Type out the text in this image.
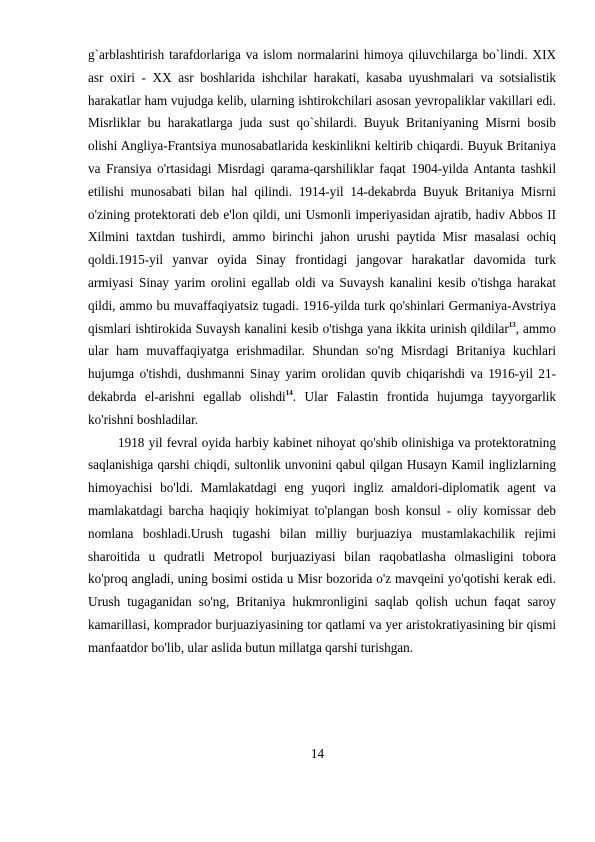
g`arblashtirish tarafdorlariga va islom normalarini himoya qiluvchilarga bo`lindi. XIX asr oxiri - XX asr boshlarida ishchilar harakati, kasaba uyushmalari va sotsialistik harakatlar ham vujudga kelib, ularning ishtirokchilari asosan yevropaliklar vakillari edi. Misrliklar bu harakatlarga juda sust qo`shilardi. Buyuk Britaniyaning Misrni bosib olishi Angliya-Frantsiya munosabatlarida keskinlikni keltirib chiqardi. Buyuk Britaniya va Fransiya o'rtasidagi Misrdagi qarama-qarshiliklar faqat 1904-yilda Antanta tashkil etilishi munosabati bilan hal qilindi. 1914-yil 14-dekabrda Buyuk Britaniya Misrni o'zining protektorati deb e'lon qildi, uni Usmonli imperiyasidan ajratib, hadiv Abbos II Xilmini taxtdan tushirdi, ammo birinchi jahon urushi paytida Misr masalasi ochiq qoldi.1915-yil yanvar oyida Sinay frontidagi jangovar harakatlar davomida turk armiyasi Sinay yarim orolini egallab oldi va Suvaysh kanalini kesib o'tishga harakat qildi, ammo bu muvaffaqiyatsiz tugadi. 1916-yilda turk qo'shinlari Germaniya-Avstriya qismlari ishtirokida Suvaysh kanalini kesib o'tishga yana ikkita urinish qildilar$^{13}$, ammo ular ham muvaffaqiyatga erishmadilar. Shundan so'ng Misrdagi Britaniya kuchlari hujumga o'tishdi, dushmanni Sinay yarim orolidan quvib chiqarishdi va 1916-yil 21-dekabrda el-arishni egallab olishdi$^{14}$. Ular Falastin frontida hujumga tayyorgarlik ko'rishni boshladilar.

1918 yil fevral oyida harbiy kabinet nihoyat qo'shib olinishiga va protektoratning saqlanishiga qarshi chiqdi, sultonlik unvonini qabul qilgan Husayn Kamil inglizlarning himoyachisi bo'ldi. Mamlakatdagi eng yuqori ingliz amaldori-diplomatik agent va mamlakatdagi barcha haqiqiy hokimiyat to'plangan bosh konsul - oliy komissar deb nomlana boshladi.Urush tugashi bilan milliy burjuaziya mustamlakachilik rejimi sharoitida u qudratli Metropol burjuaziyasi bilan raqobatlasha olmasligini tobora ko'proq angladi, uning bosimi ostida u Misr bozorida o'z mavqeini yo'qotishi kerak edi. Urush tugaganidan so'ng, Britaniya hukmronligini saqlab qolish uchun faqat saroy kamarillasi, komprador burjuaziyasining tor qatlami va yer aristokratiyasining bir qismi manfaatdor bo'lib, ular aslida butun millatga qarshi turishgan.

14
